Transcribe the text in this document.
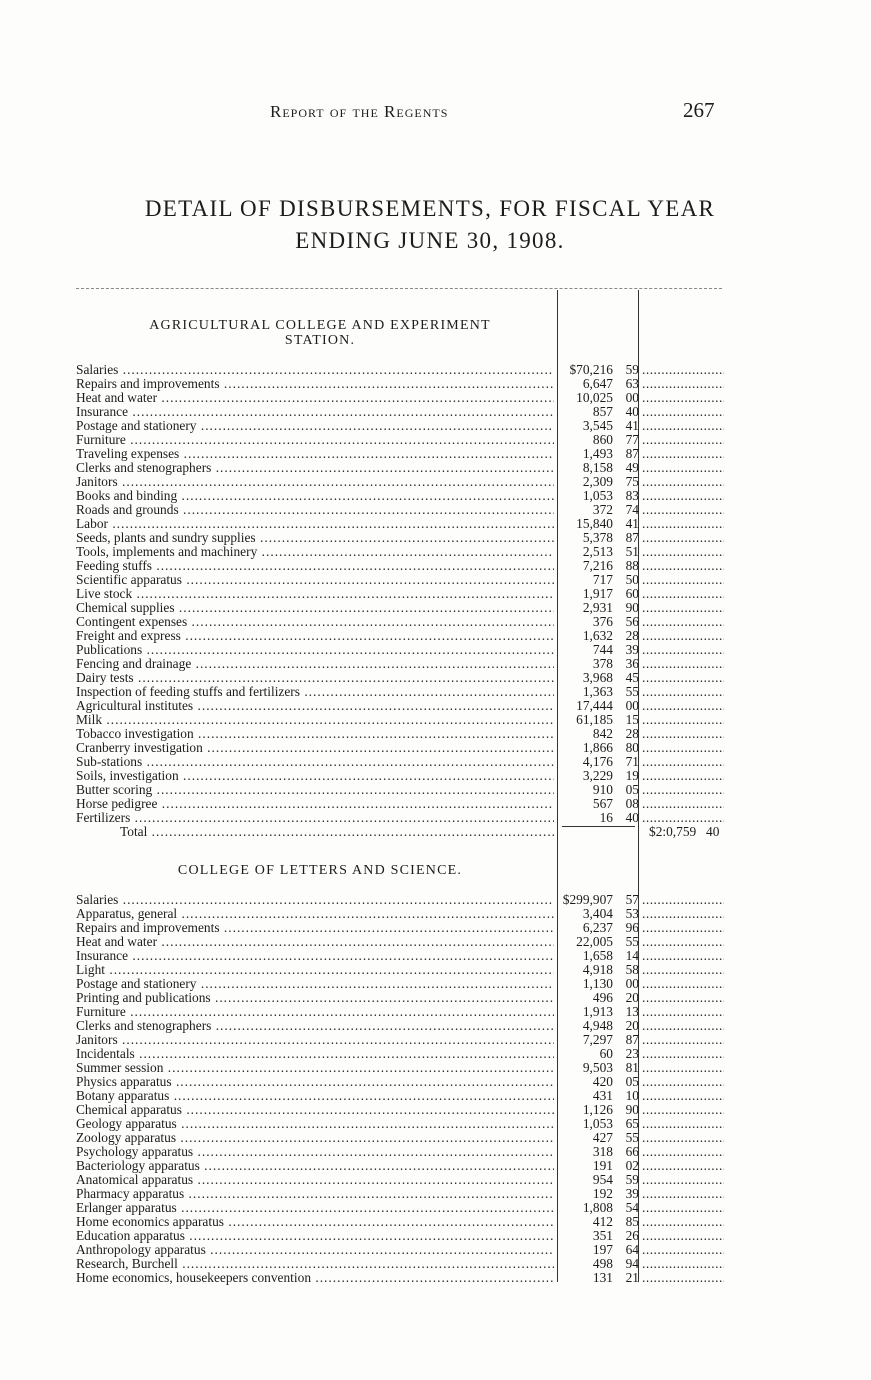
Report of the Regents	267
DETAIL OF DISBURSEMENTS, FOR FISCAL YEAR
ENDING JUNE 30, 1908.
AGRICULTURAL COLLEGE AND EXPERIMENT
STATION.
Salaries .....	$70,216 59
.....
Repairs and improvements .....	6,647 63
.....
Heat and water .....	10,025 00
.....
Insurance .....	857 40
.....
Postage and stationery .....	3,545 41
.....
Furniture .....	860 77
.....
Traveling expenses .....	1,493 87
.....
Clerks and stenographers .....	8,158 49
.....
Janitors .....	2,309 75
.....
Books and binding .....	1,053 83
.....
Roads and grounds .....	372 74
.....
Labor .....	15,840 41
.....
Seeds, plants and sundry supplies .....	5,378 87
.....
Tools, implements and machinery .....	2,513 51
.....
Feeding stuffs .....	7,216 88
.....
Scientific apparatus .....	717 50
.....
Live stock .....	1,917 60
.....
Chemical supplies .....	2,931 90
.....
Contingent expenses .....	376 56
.....
Freight and express .....	1,632 28
.....
Publications .....	744 39
.....
Fencing and drainage .....	378 36
.....
Dairy tests .....	3,968 45
.....
Inspection of feeding stuffs and fertilizers .....	1,363 55
.....
Agricultural institutes .....	17,444 00
.....
Milk .....	61,185 15
.....
Tobacco investigation .....	842 28
.....
Cranberry investigation .....	1,866 80
.....
Sub-stations .....	4,176 71
.....
Soils, investigation .....	3,229 19
.....
Butter scoring .....	910 05
.....
Horse pedigree .....	567 08
.....
Fertilizers .....	16 40
.....
Total .....	$2:0,759 40
COLLEGE OF LETTERS AND SCIENCE.
Salaries .....	$299,907 57
.....
Apparatus, general .....	3,404 53
.....
Repairs and improvements .....	6,237 96
.....
Heat and water .....	22,005 55
.....
Insurance .....	1,658 14
.....
Light .....	4,918 58
.....
Postage and stationery .....	1,130 00
.....
Printing and publications .....	496 20
.....
Furniture .....	1,913 13
.....
Clerks and stenographers .....	4,948 20
.....
Janitors .....	7,297 87
.....
Incidentals .....	60 23
.....
Summer session .....	9,503 81
.....
Physics apparatus .....	420 05
.....
Botany apparatus .....	431 10
.....
Chemical apparatus .....	1,126 90
.....
Geology apparatus .....	1,053 65
.....
Zoology apparatus .....	427 55
.....
Psychology apparatus .....	318 66
.....
Bacteriology apparatus .....	191 02
.....
Anatomical apparatus .....	954 59
.....
Pharmacy apparatus .....	192 39
.....
Erlanger apparatus .....	1,808 54
.....
Home economics apparatus .....	412 85
.....
Education apparatus .....	351 26
.....
Anthropology apparatus .....	197 64
.....
Research, Burchell .....	498 94
.....
Home economics, housekeepers convention .....	131 21
.....
